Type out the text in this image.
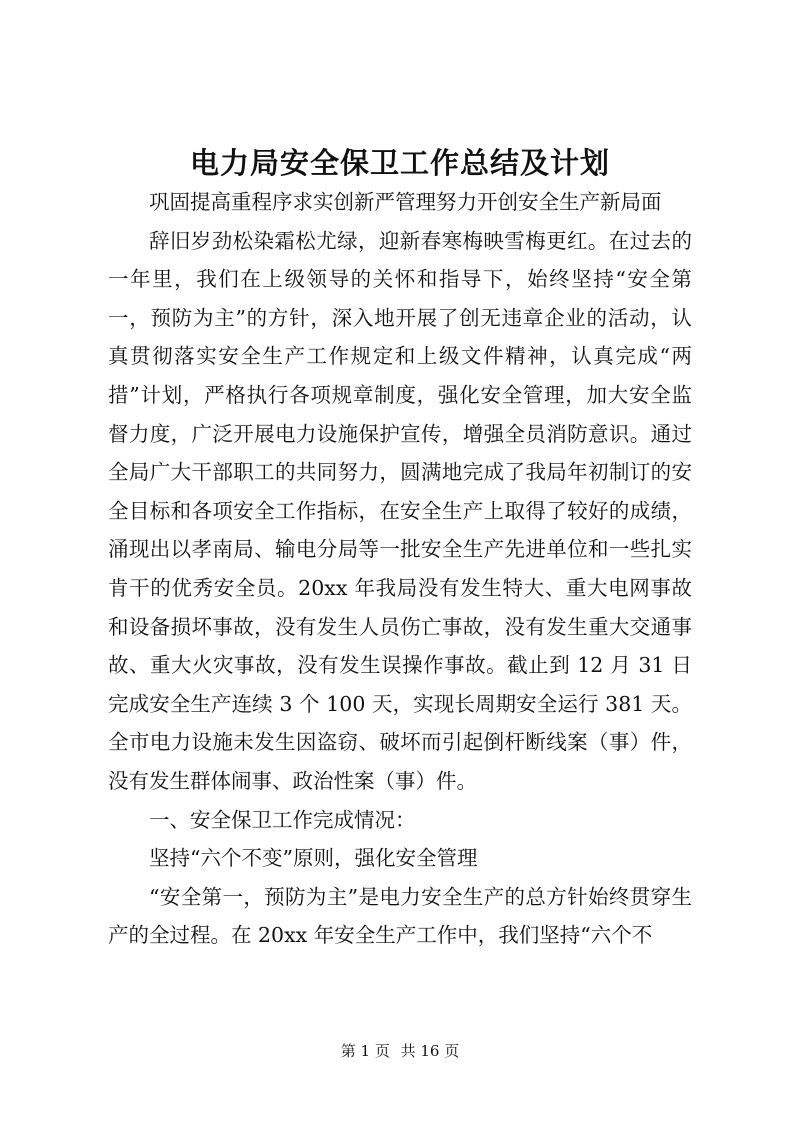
电力局安全保卫工作总结及计划

巩固提高重程序求实创新严管理努力开创安全生产新局面

辞旧岁劲松染霜松尤绿，迎新春寒梅映雪梅更红。在过去的一年里，我们在上级领导的关怀和指导下，始终坚持“安全第一，预防为主”的方针，深入地开展了创无违章企业的活动，认真贯彻落实安全生产工作规定和上级文件精神，认真完成“两措”计划，严格执行各项规章制度，强化安全管理，加大安全监督力度，广泛开展电力设施保护宣传，增强全员消防意识。通过全局广大干部职工的共同努力，圆满地完成了我局年初制订的安全目标和各项安全工作指标，在安全生产上取得了较好的成绩，涌现出以孝南局、输电分局等一批安全生产先进单位和一些扎实肯干的优秀安全员。20xx 年我局没有发生特大、重大电网事故和设备损坏事故，没有发生人员伤亡事故，没有发生重大交通事故、重大火灾事故，没有发生误操作事故。截止到 12 月 31 日完成安全生产连续 3 个 100 天，实现长周期安全运行 381 天。全市电力设施未发生因盗窃、破坏而引起倒杆断线案（事）件，没有发生群体闹事、政治性案（事）件。

一、安全保卫工作完成情况：

坚持“六个不变”原则，强化安全管理

“安全第一，预防为主”是电力安全生产的总方针始终贯穿生产的全过程。在 20xx 年安全生产工作中，我们坚持“六个不

第 1 页 共 16 页
